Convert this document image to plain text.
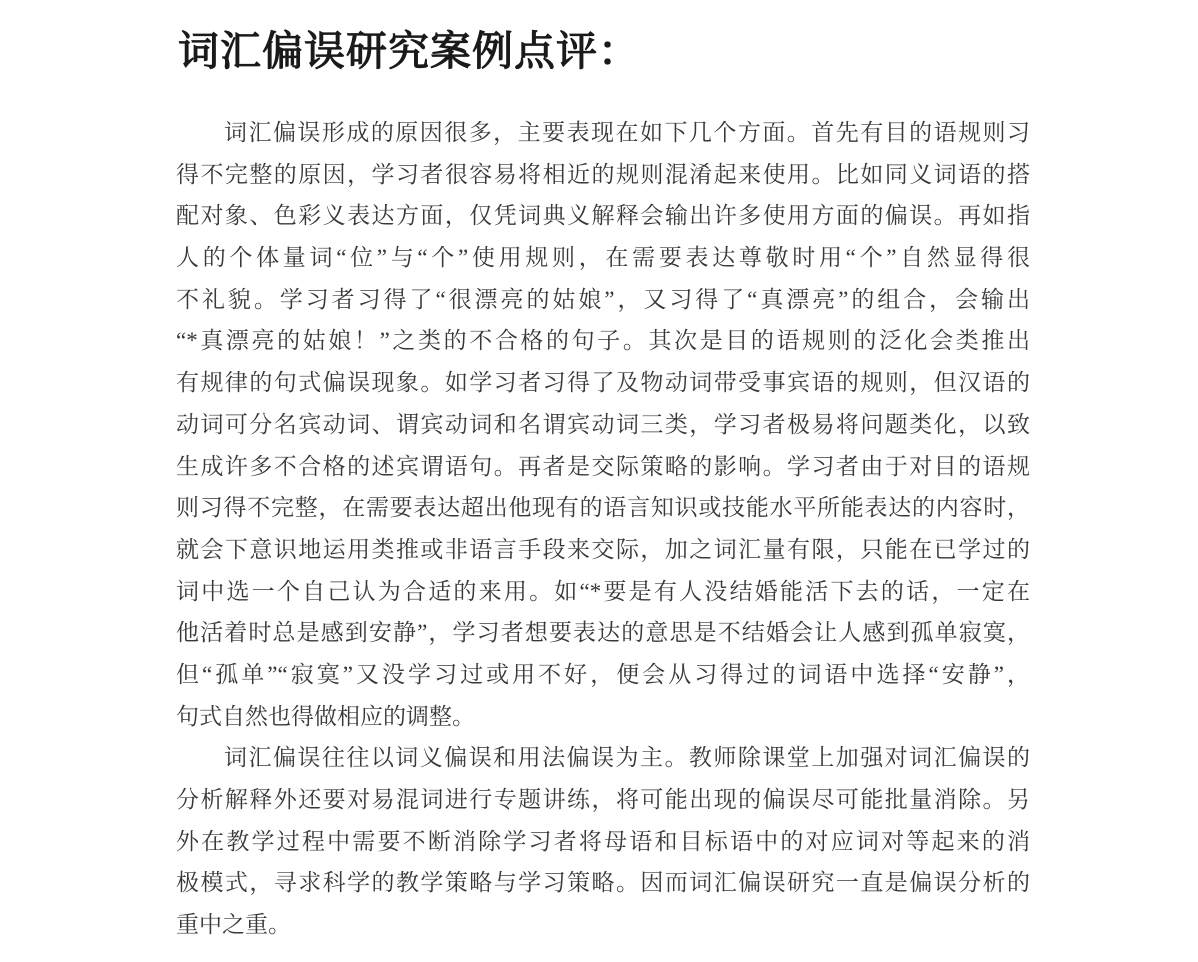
词汇偏误研究案例点评：
词汇偏误形成的原因很多，主要表现在如下几个方面。首先有目的语规则习
得不完整的原因，学习者很容易将相近的规则混淆起来使用。比如同义词语的搭
配对象、色彩义表达方面，仅凭词典义解释会输出许多使用方面的偏误。再如指
人的个体量词“位”与“个”使用规则，在需要表达尊敬时用“个”自然显得很
不礼貌。学习者习得了“很漂亮的姑娘”，又习得了“真漂亮”的组合，会输出
“*真漂亮的姑娘！”之类的不合格的句子。其次是目的语规则的泛化会类推出
有规律的句式偏误现象。如学习者习得了及物动词带受事宾语的规则，但汉语的
动词可分名宾动词、谓宾动词和名谓宾动词三类，学习者极易将问题类化，以致
生成许多不合格的述宾谓语句。再者是交际策略的影响。学习者由于对目的语规
则习得不完整，在需要表达超出他现有的语言知识或技能水平所能表达的内容时，
就会下意识地运用类推或非语言手段来交际，加之词汇量有限，只能在已学过的
词中选一个自己认为合适的来用。如“*要是有人没结婚能活下去的话，一定在
他活着时总是感到安静”，学习者想要表达的意思是不结婚会让人感到孤单寂寞，
但“孤单”“寂寞”又没学习过或用不好，便会从习得过的词语中选择“安静”，
句式自然也得做相应的调整。
词汇偏误往往以词义偏误和用法偏误为主。教师除课堂上加强对词汇偏误的
分析解释外还要对易混词进行专题讲练，将可能出现的偏误尽可能批量消除。另
外在教学过程中需要不断消除学习者将母语和目标语中的对应词对等起来的消
极模式，寻求科学的教学策略与学习策略。因而词汇偏误研究一直是偏误分析的
重中之重。
